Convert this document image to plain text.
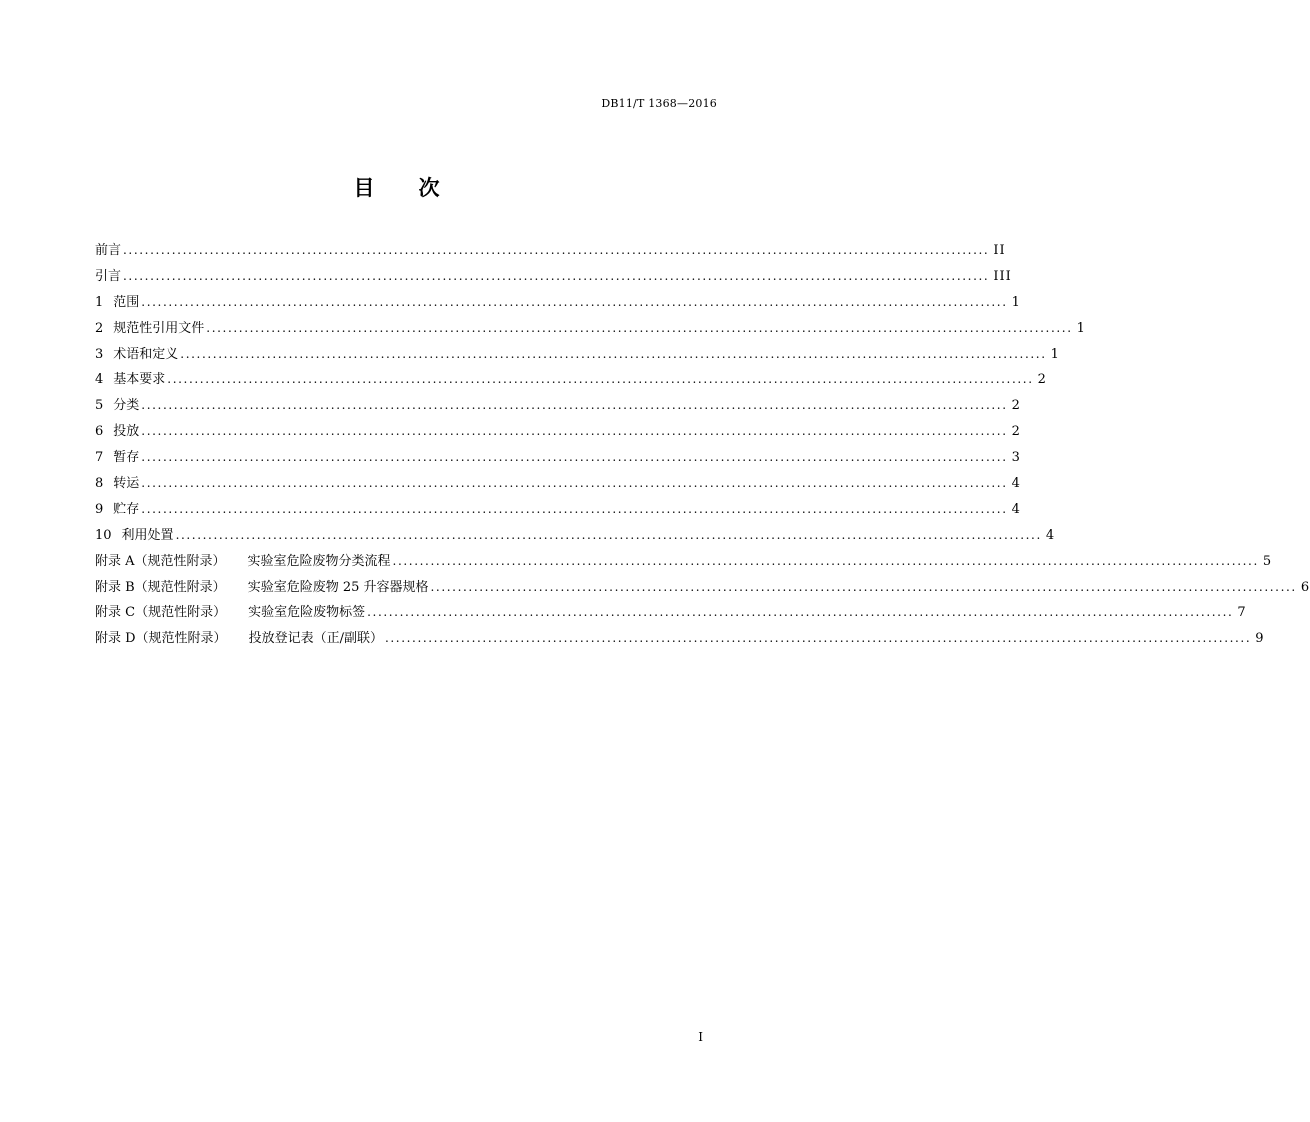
DB11/T 1368—2016
目次
前言 ................................................................................................................................................................ II
引言 ................................................................................................................................................................ III
1 范围 ................................................................................................................................................................ 1
2 规范性引用文件 ................................................................................................................................................................ 1
3 术语和定义 ................................................................................................................................................................ 1
4 基本要求 ................................................................................................................................................................ 2
5 分类 ................................................................................................................................................................ 2
6 投放 ................................................................................................................................................................ 2
7 暂存 ................................................................................................................................................................ 3
8 转运 ................................................................................................................................................................ 4
9 贮存 ................................................................................................................................................................ 4
10 利用处置 ................................................................................................................................................................ 4
附录 A（规范性附录） 实验室危险废物分类流程 ................................................................................................................................................................ 5
附录 B（规范性附录） 实验室危险废物 25 升容器规格 ................................................................................................................................................................ 6
附录 C（规范性附录） 实验室危险废物标签 ................................................................................................................................................................ 7
附录 D（规范性附录） 投放登记表（正/副联） ................................................................................................................................................................ 9
I
